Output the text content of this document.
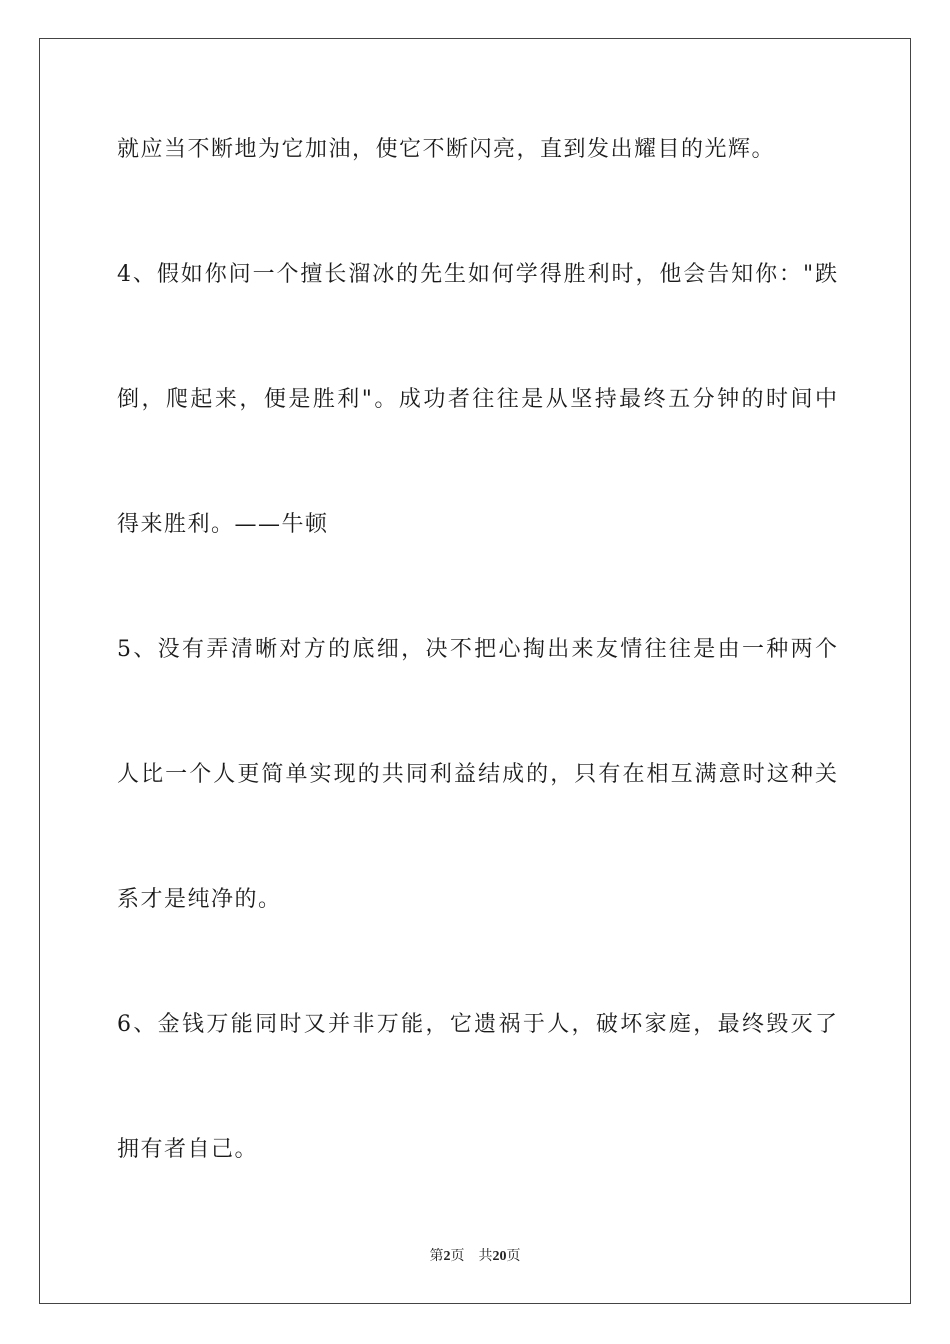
就应当不断地为它加油，使它不断闪亮，直到发出耀目的光辉。
4、假如你问一个擅长溜冰的先生如何学得胜利时，他会告知你："跌
倒，爬起来，便是胜利"。成功者往往是从坚持最终五分钟的时间中
得来胜利。——牛顿
5、没有弄清晰对方的底细，决不把心掏出来友情往往是由一种两个
人比一个人更简单实现的共同利益结成的，只有在相互满意时这种关
系才是纯净的。
6、金钱万能同时又并非万能，它遗祸于人，破坏家庭，最终毁灭了
拥有者自己。
第2页 共20页
